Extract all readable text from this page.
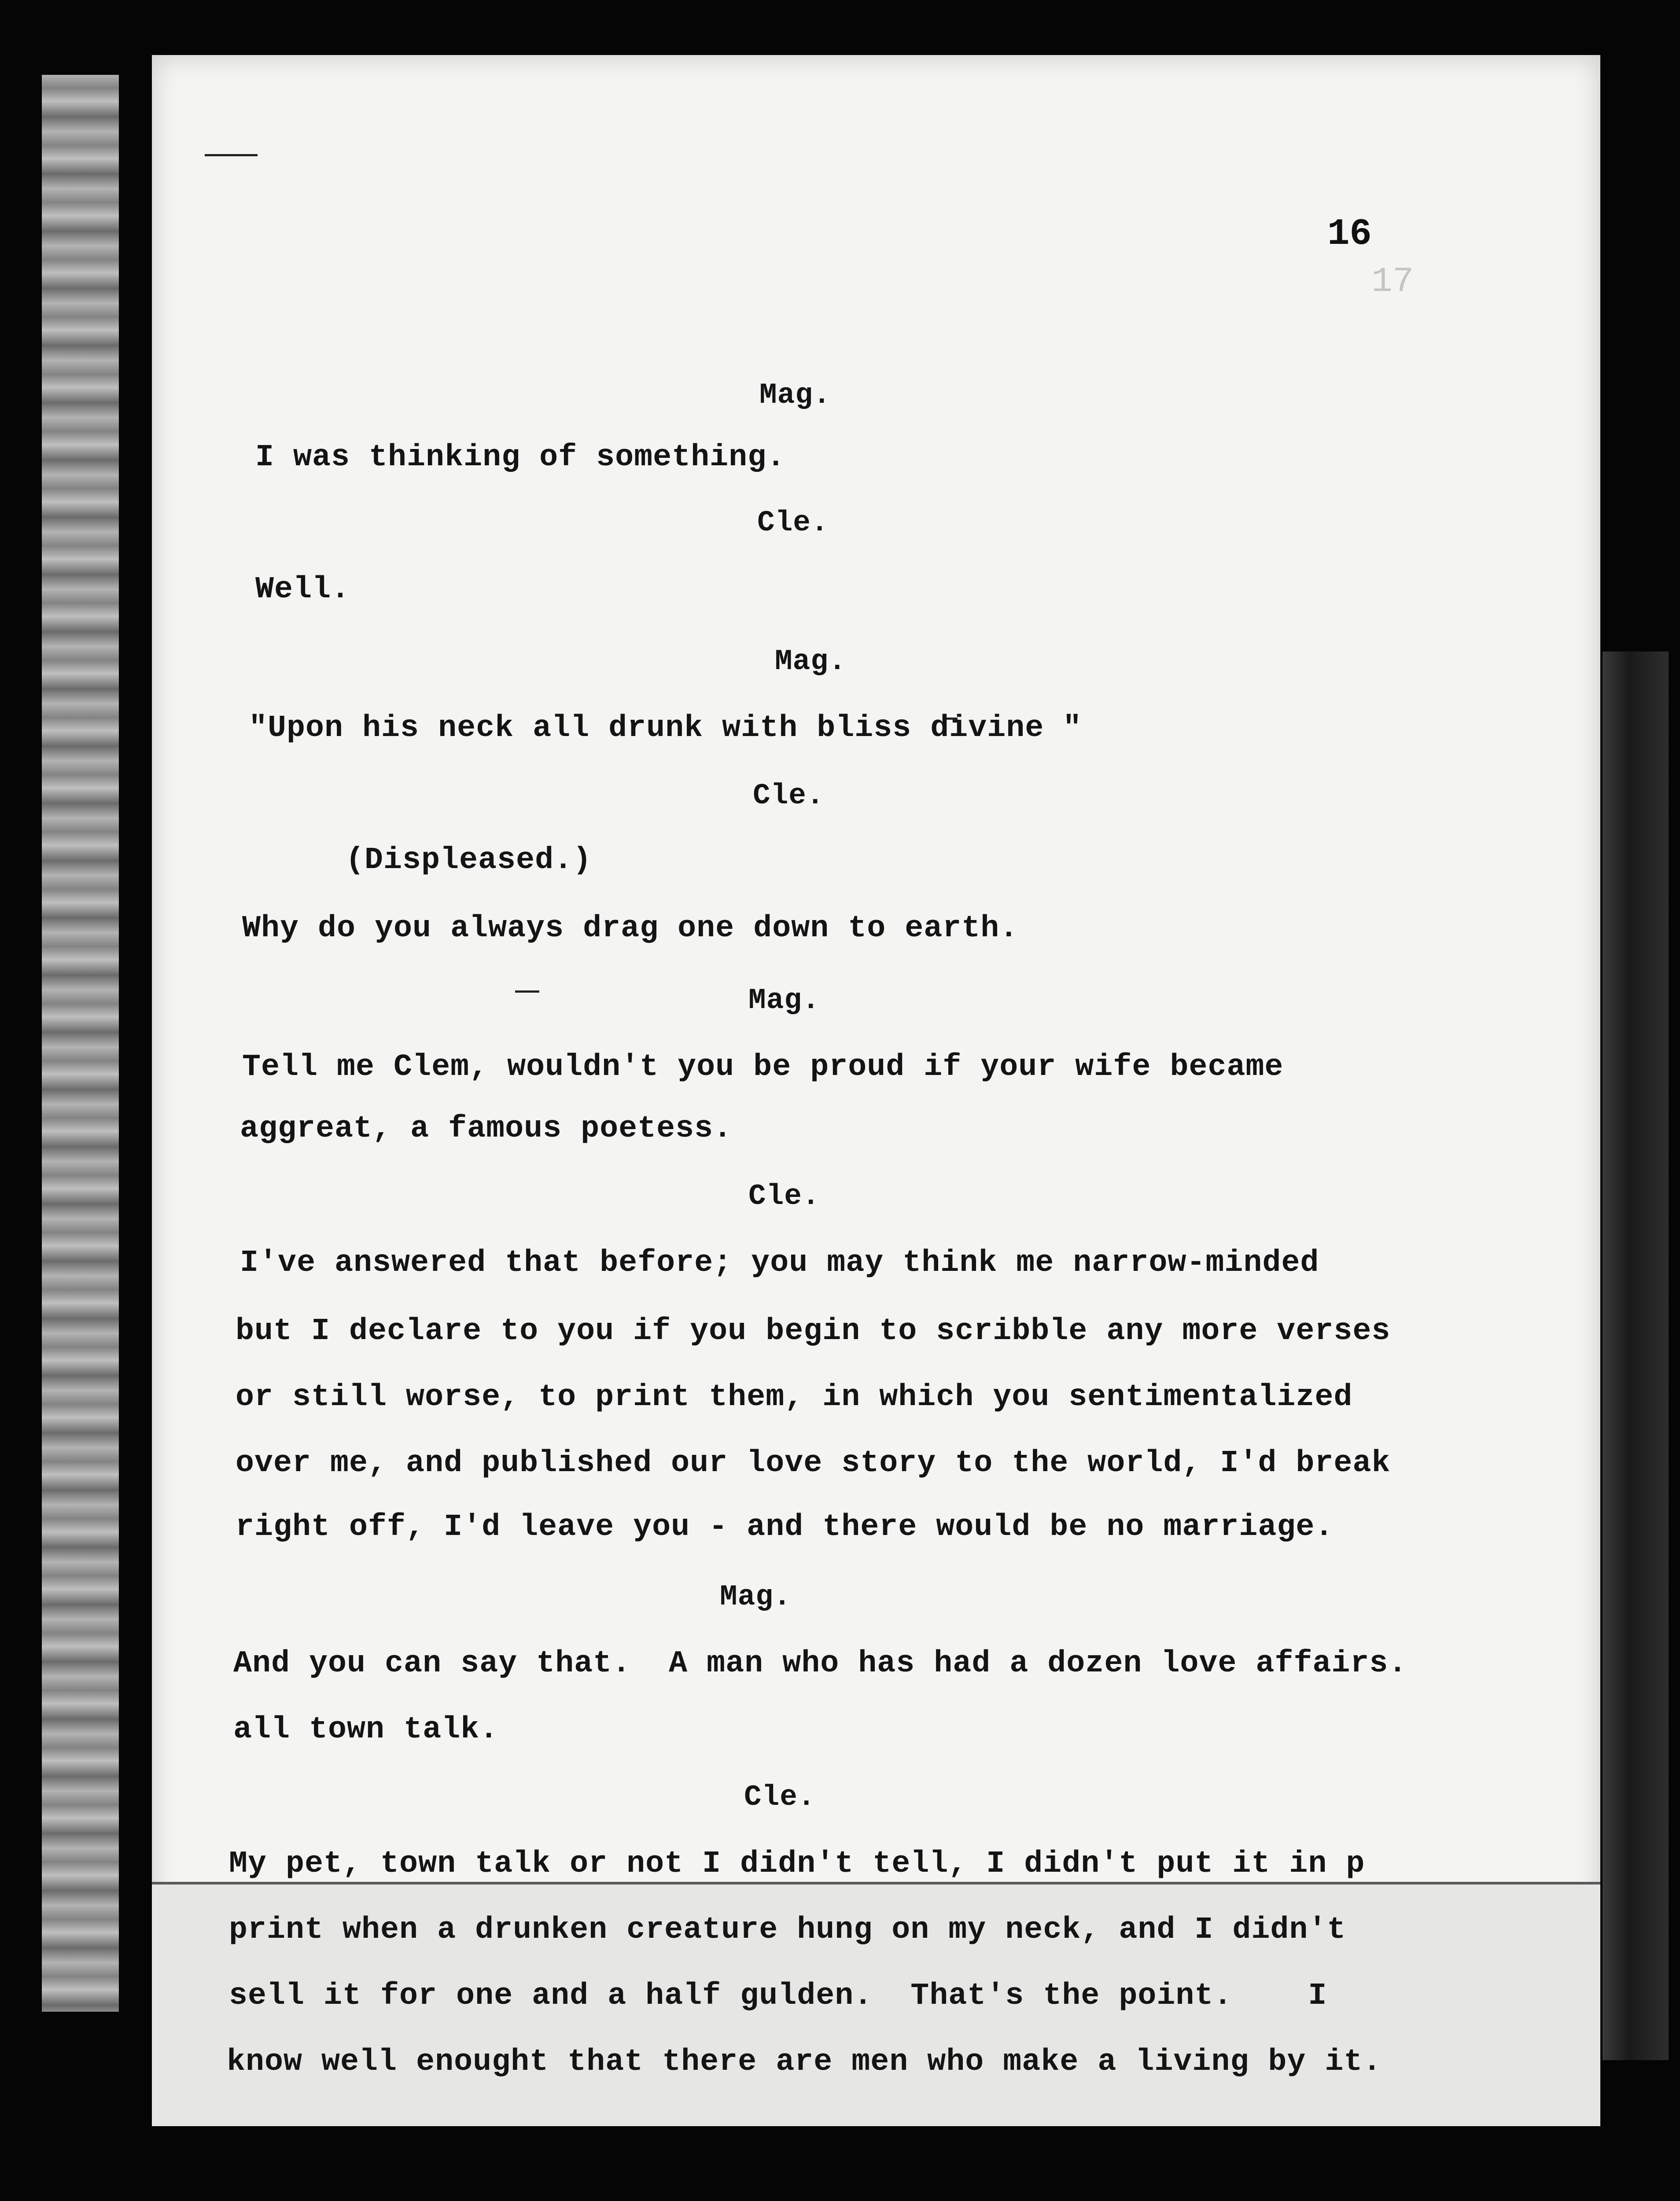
16
17
Mag.
I was thinking of something.
Cle.
Well.
Mag.
"Upon his neck all drunk with bliss divine "
Cle.
(Displeased.)
Why do you always drag one down to earth.
Mag.
Tell me Clem, wouldn't you be proud if your wife became
aggreat, a famous poetess.
Cle.
I've answered that before; you may think me narrow-minded
but I declare to you if you begin to scribble any more verses
or still worse, to print them, in which you sentimentalized
over me, and published our love story to the world, I'd break
right off, I'd leave you - and there would be no marriage.
Mag.
And you can say that.  A man who has had a dozen love affairs.
all town talk.
Cle.
My pet, town talk or not I didn't tell, I didn't put it in p
print when a drunken creature hung on my neck, and I didn't
sell it for one and a half gulden.  That's the point.    I
know well enought that there are men who make a living by it.
